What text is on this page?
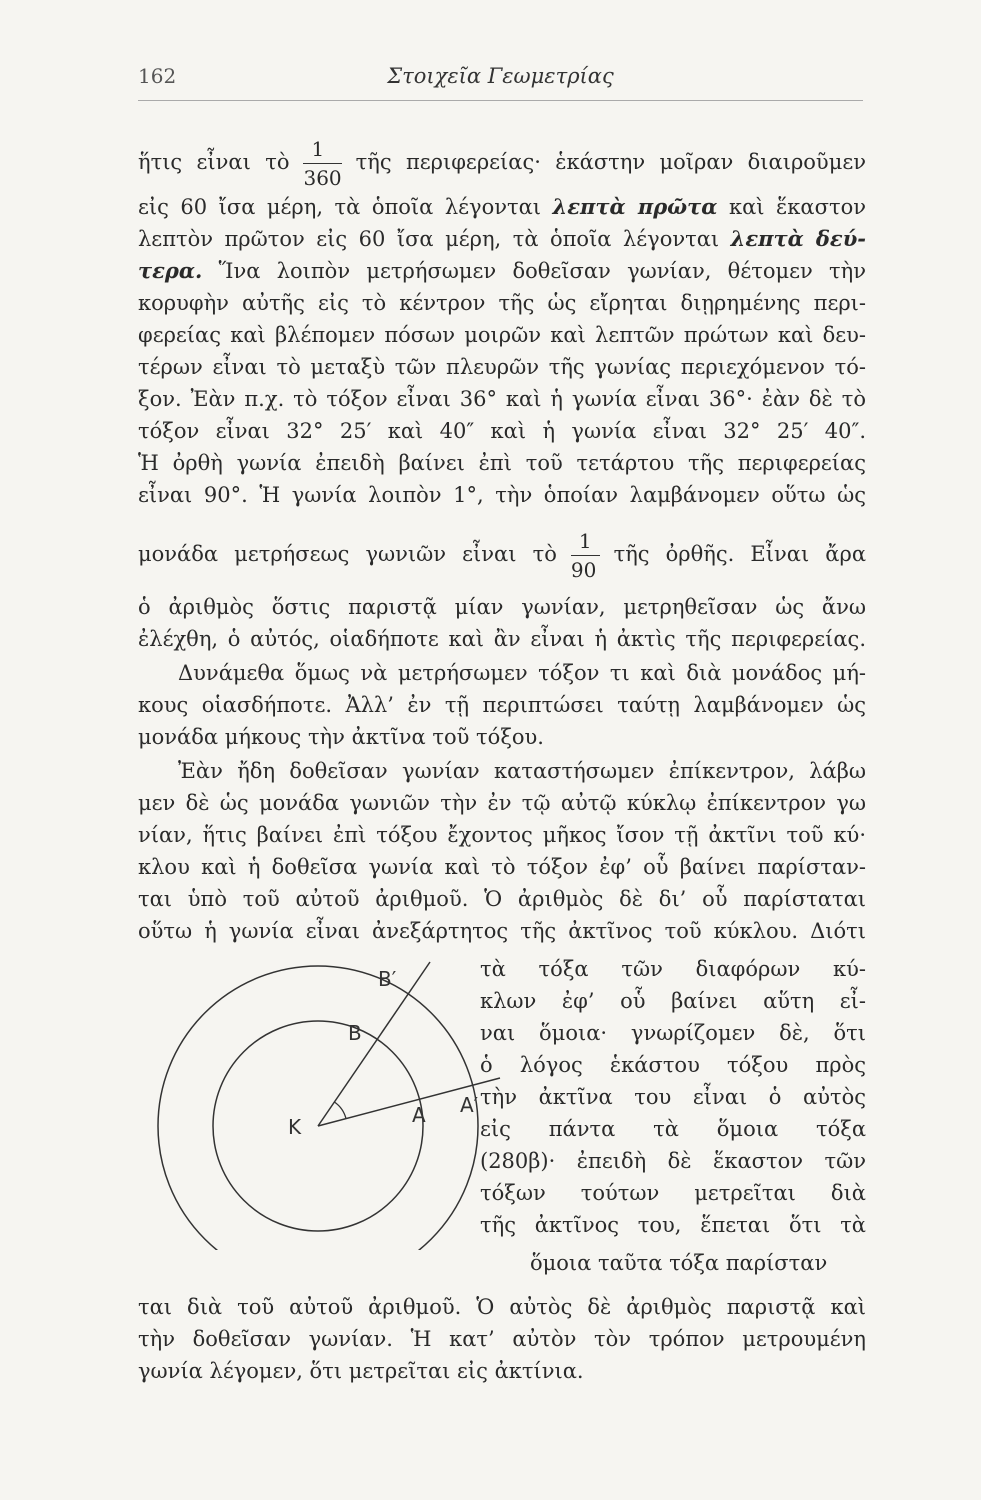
162	Στοιχεῖα Γεωμετρίας
ἥτις εἶναι τὸ $\frac{1}{360}$ τῆς περιφερείας· ἑκάστην μοῖραν διαιροῦμεν
εἰς 60 ἴσα μέρη, τὰ ὁποῖα λέγονται λεπτὰ πρῶτα καὶ ἕκαστον
λεπτὸν πρῶτον εἰς 60 ἴσα μέρη, τὰ ὁποῖα λέγονται λεπτὰ δεύ-
τερα. Ἵνα λοιπὸν μετρήσωμεν δοθεῖσαν γωνίαν, θέτομεν τὴν
κορυφὴν αὐτῆς εἰς τὸ κέντρον τῆς ὡς εἴρηται διῃρημένης περι-
φερείας καὶ βλέπομεν πόσων μοιρῶν καὶ λεπτῶν πρώτων καὶ δευ-
τέρων εἶναι τὸ μεταξὺ τῶν πλευρῶν τῆς γωνίας περιεχόμενον τό-
ξον. Ἐὰν π.χ. τὸ τόξον εἶναι 36° καὶ ἡ γωνία εἶναι 36°· ἐὰν δὲ τὸ
τόξον εἶναι 32° 25′ καὶ 40″ καὶ ἡ γωνία εἶναι 32° 25′ 40″.
Ἡ ὀρθὴ γωνία ἐπειδὴ βαίνει ἐπὶ τοῦ τετάρτου τῆς περιφερείας
εἶναι 90°. Ἡ γωνία λοιπὸν 1°, τὴν ὁποίαν λαμβάνομεν οὕτω ὡς
μονάδα μετρήσεως γωνιῶν εἶναι τὸ $\frac{1}{90}$ τῆς ὀρθῆς. Εἶναι ἄρα
ὁ ἀριθμὸς ὅστις παριστᾷ μίαν γωνίαν, μετρηθεῖσαν ὡς ἄνω
ἐλέχθη, ὁ αὐτός, οἱαδήποτε καὶ ἂν εἶναι ἡ ἀκτὶς τῆς περιφερείας.
Δυνάμεθα ὅμως νὰ μετρήσωμεν τόξον τι καὶ διὰ μονάδος μή-
κους οἱασδήποτε. Ἀλλ’ ἐν τῇ περιπτώσει ταύτῃ λαμβάνομεν ὡς
μονάδα μήκους τὴν ἀκτῖνα τοῦ τόξου.
Ἐὰν ἤδη δοθεῖσαν γωνίαν καταστήσωμεν ἐπίκεντρον, λάβω
μεν δὲ ὡς μονάδα γωνιῶν τὴν ἐν τῷ αὐτῷ κύκλῳ ἐπίκεντρον γω
νίαν, ἥτις βαίνει ἐπὶ τόξου ἔχοντος μῆκος ἴσον τῇ ἀκτῖνι τοῦ κύ·
κλου καὶ ἡ δοθεῖσα γωνία καὶ τὸ τόξον ἐφ’ οὗ βαίνει παρίσταν-
ται ὑπὸ τοῦ αὐτοῦ ἀριθμοῦ. Ὁ ἀριθμὸς δὲ δι’ οὗ παρίσταται
οὕτω ἡ γωνία εἶναι ἀνεξάρτητος τῆς ἀκτῖνος τοῦ κύκλου. Διότι
τὰ τόξα τῶν διαφόρων κύ-
κλων ἐφ’ οὗ βαίνει αὕτη εἶ-
ναι ὅμοια· γνωρίζομεν δὲ, ὅτι
ὁ λόγος ἑκάστου τόξου πρὸς
τὴν ἀκτῖνα του εἶναι ὁ αὐτὸς
εἰς πάντα τὰ ὅμοια τόξα
(280β)· ἐπειδὴ δὲ ἕκαστον τῶν
τόξων τούτων μετρεῖται διὰ
τῆς ἀκτῖνος του, ἕπεται ὅτι τὰ
ὅμοια ταῦτα τόξα παρίσταν
ται διὰ τοῦ αὐτοῦ ἀριθμοῦ. Ὁ αὐτὸς δὲ ἀριθμὸς παριστᾷ καὶ
τὴν δοθεῖσαν γωνίαν. Ἡ κατ’ αὐτὸν τὸν τρόπον μετρουμένη
γωνία λέγομεν, ὅτι μετρεῖται εἰς ἀκτίνια.
B′
B
K	A A′
